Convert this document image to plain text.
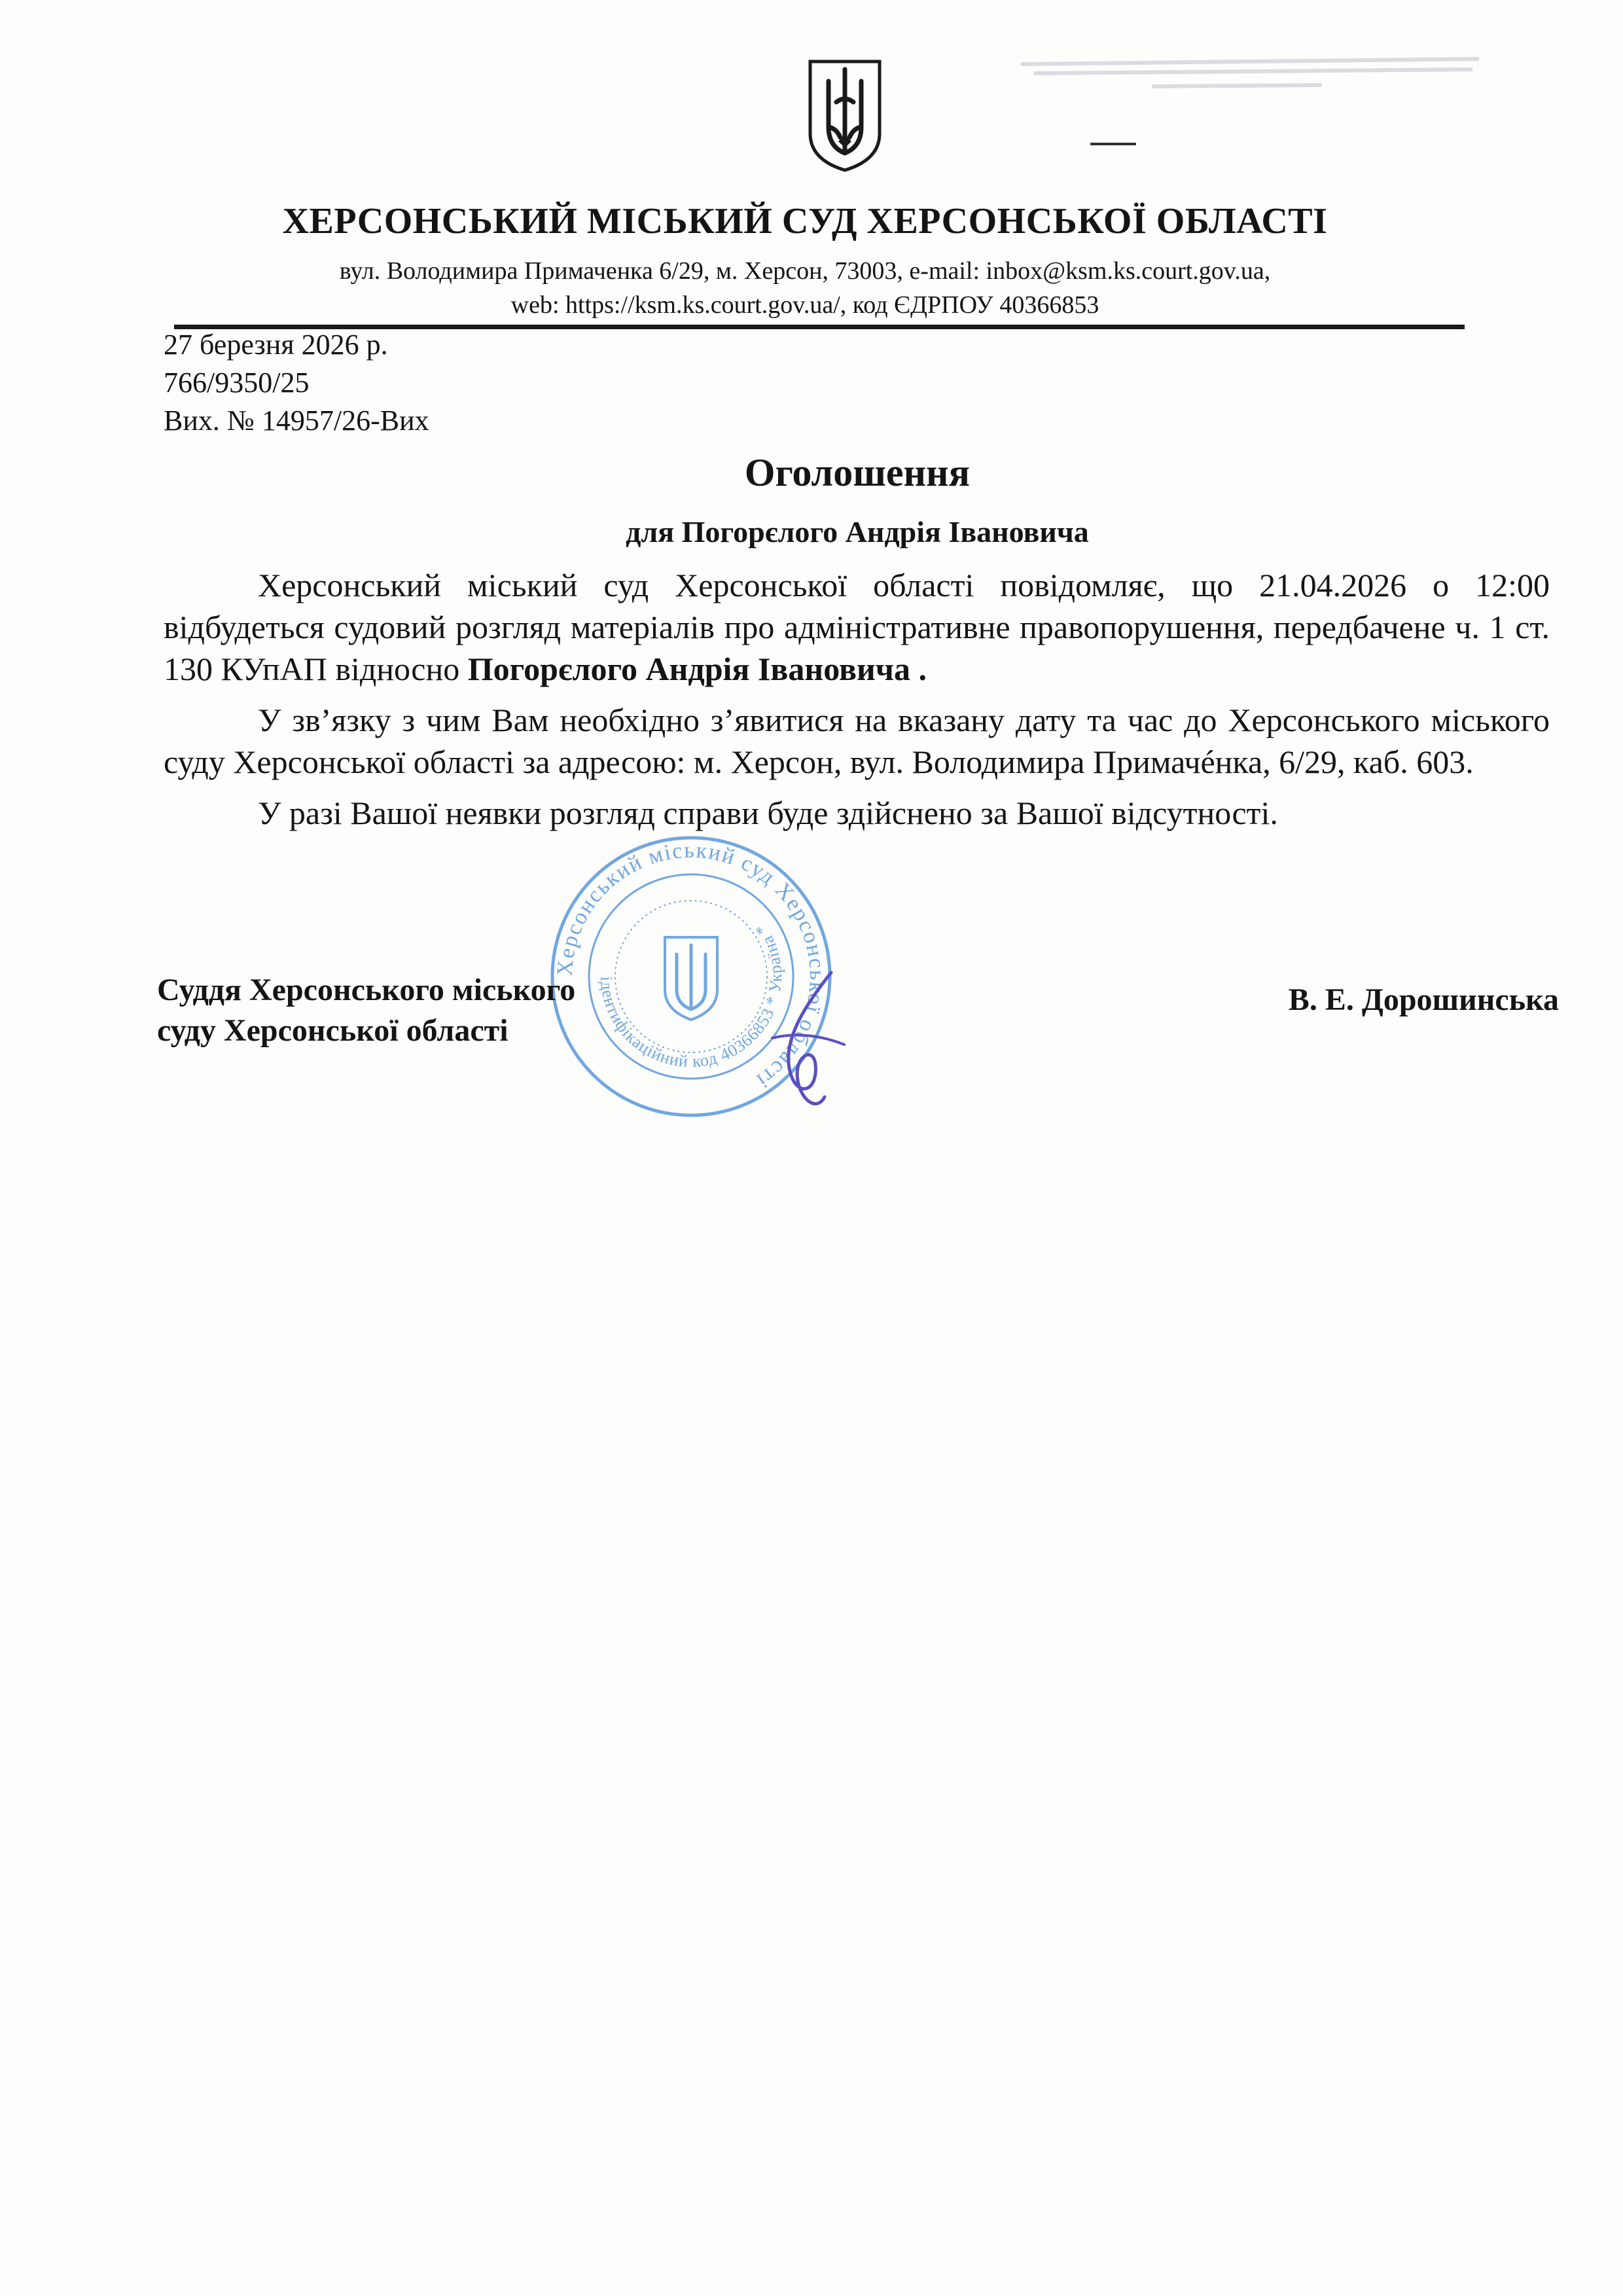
ХЕРСОНСЬКИЙ МІСЬКИЙ СУД ХЕРСОНСЬКОЇ ОБЛАСТІ
вул. Володимира Примаченка 6/29, м. Херсон, 73003, e-mail: inbox@ksm.ks.court.gov.ua,
web: https://ksm.ks.court.gov.ua/, код ЄДРПОУ 40366853
27 березня 2026 р.
766/9350/25
Вих. № 14957/26-Вих
Оголошення
для Погорєлого Андрія Івановича

Херсонський міський суд Херсонської області повідомляє, що 21.04.2026 о 12:00 відбудеться судовий розгляд матеріалів про адміністративне правопорушення, передбачене ч. 1 ст. 130 КУпАП відносно Погорєлого Андрія Івановича .

У зв’язку з чим Вам необхідно з’явитися на вказану дату та час до Херсонського міського суду Херсонської області за адресою: м. Херсон, вул. Володимира Примачéнка, 6/29, каб. 603.

У разі Вашої неявки розгляд справи буде здійснено за Вашої відсутності.

Херсонський міський суд Херсонської області
ідентифікаційний код 40366853 * Україна *
Суддя Херсонського міського
суду Херсонської області
В. Е. Дорошинська
